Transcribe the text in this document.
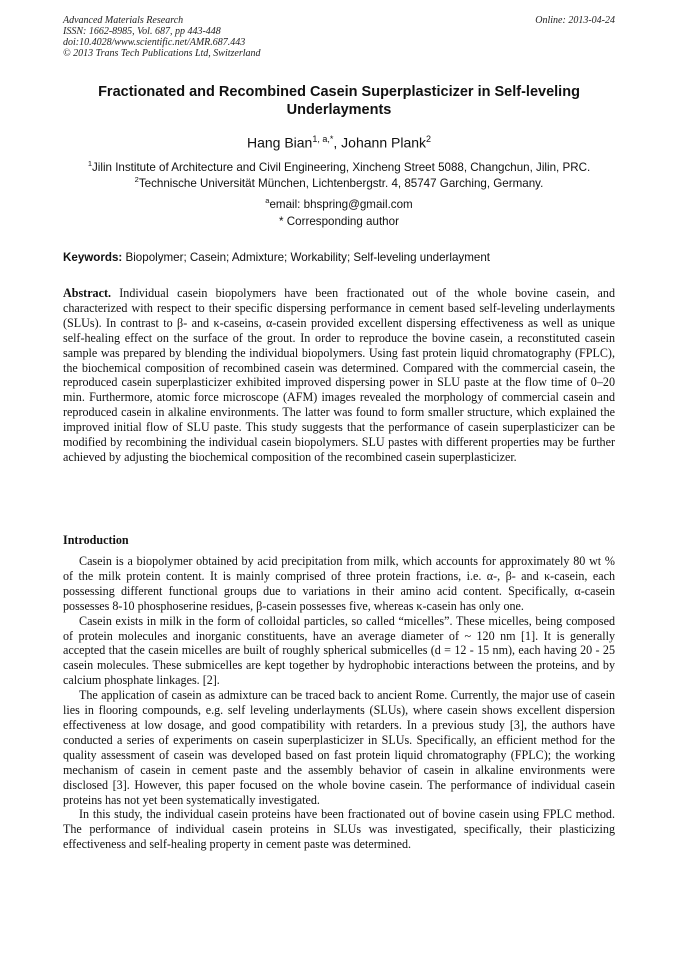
Advanced Materials Research
ISSN: 1662-8985, Vol. 687, pp 443-448
doi:10.4028/www.scientific.net/AMR.687.443
© 2013 Trans Tech Publications Ltd, Switzerland
Online: 2013-04-24
Fractionated and Recombined Casein Superplasticizer in Self-leveling Underlayments
Hang Bian$^{1, a,*}$, Johann Plank$^2$
$^1$Jilin Institute of Architecture and Civil Engineering, Xincheng Street 5088, Changchun, Jilin, PRC.
$^2$Technische Universität München, Lichtenbergstr. 4, 85747 Garching, Germany.
$^a$email: bhspring@gmail.com
* Corresponding author
Keywords: Biopolymer; Casein; Admixture; Workability; Self-leveling underlayment
Abstract. Individual casein biopolymers have been fractionated out of the whole bovine casein, and characterized with respect to their specific dispersing performance in cement based self-leveling underlayments (SLUs). In contrast to β- and κ-caseins, α-casein provided excellent dispersing effectiveness as well as unique self-healing effect on the surface of the grout. In order to reproduce the bovine casein, a reconstituted casein sample was prepared by blending the individual biopolymers. Using fast protein liquid chromatography (FPLC), the biochemical composition of recombined casein was determined. Compared with the commercial casein, the reproduced casein superplasticizer exhibited improved dispersing power in SLU paste at the flow time of 0–20 min. Furthermore, atomic force microscope (AFM) images revealed the morphology of commercial casein and reproduced casein in alkaline environments. The latter was found to form smaller structure, which explained the improved initial flow of SLU paste. This study suggests that the performance of casein superplasticizer can be modified by recombining the individual casein biopolymers. SLU pastes with different properties may be further achieved by adjusting the biochemical composition of the recombined casein superplasticizer.
Introduction

Casein is a biopolymer obtained by acid precipitation from milk, which accounts for approximately 80 wt % of the milk protein content. It is mainly comprised of three protein fractions, i.e. α-, β- and κ-casein, each possessing different functional groups due to variations in their amino acid content. Specifically, α-casein possesses 8-10 phosphoserine residues, β-casein possesses five, whereas κ-casein has only one.

Casein exists in milk in the form of colloidal particles, so called “micelles”. These micelles, being composed of protein molecules and inorganic constituents, have an average diameter of ~ 120 nm [1]. It is generally accepted that the casein micelles are built of roughly spherical submicelles (d = 12 - 15 nm), each having 20 - 25 casein molecules. These submicelles are kept together by hydrophobic interactions between the proteins, and by calcium phosphate linkages. [2].

The application of casein as admixture can be traced back to ancient Rome. Currently, the major use of casein lies in flooring compounds, e.g. self leveling underlayments (SLUs), where casein shows excellent dispersion effectiveness at low dosage, and good compatibility with retarders. In a previous study [3], the authors have conducted a series of experiments on casein superplasticizer in SLUs. Specifically, an efficient method for the quality assessment of casein was developed based on fast protein liquid chromatography (FPLC); the working mechanism of casein in cement paste and the assembly behavior of casein in alkaline environments were disclosed [3]. However, this paper focused on the whole bovine casein. The performance of individual casein proteins has not yet been systematically investigated.

In this study, the individual casein proteins have been fractionated out of bovine casein using FPLC method. The performance of individual casein proteins in SLUs was investigated, specifically, their plasticizing effectiveness and self-healing property in cement paste was determined.
